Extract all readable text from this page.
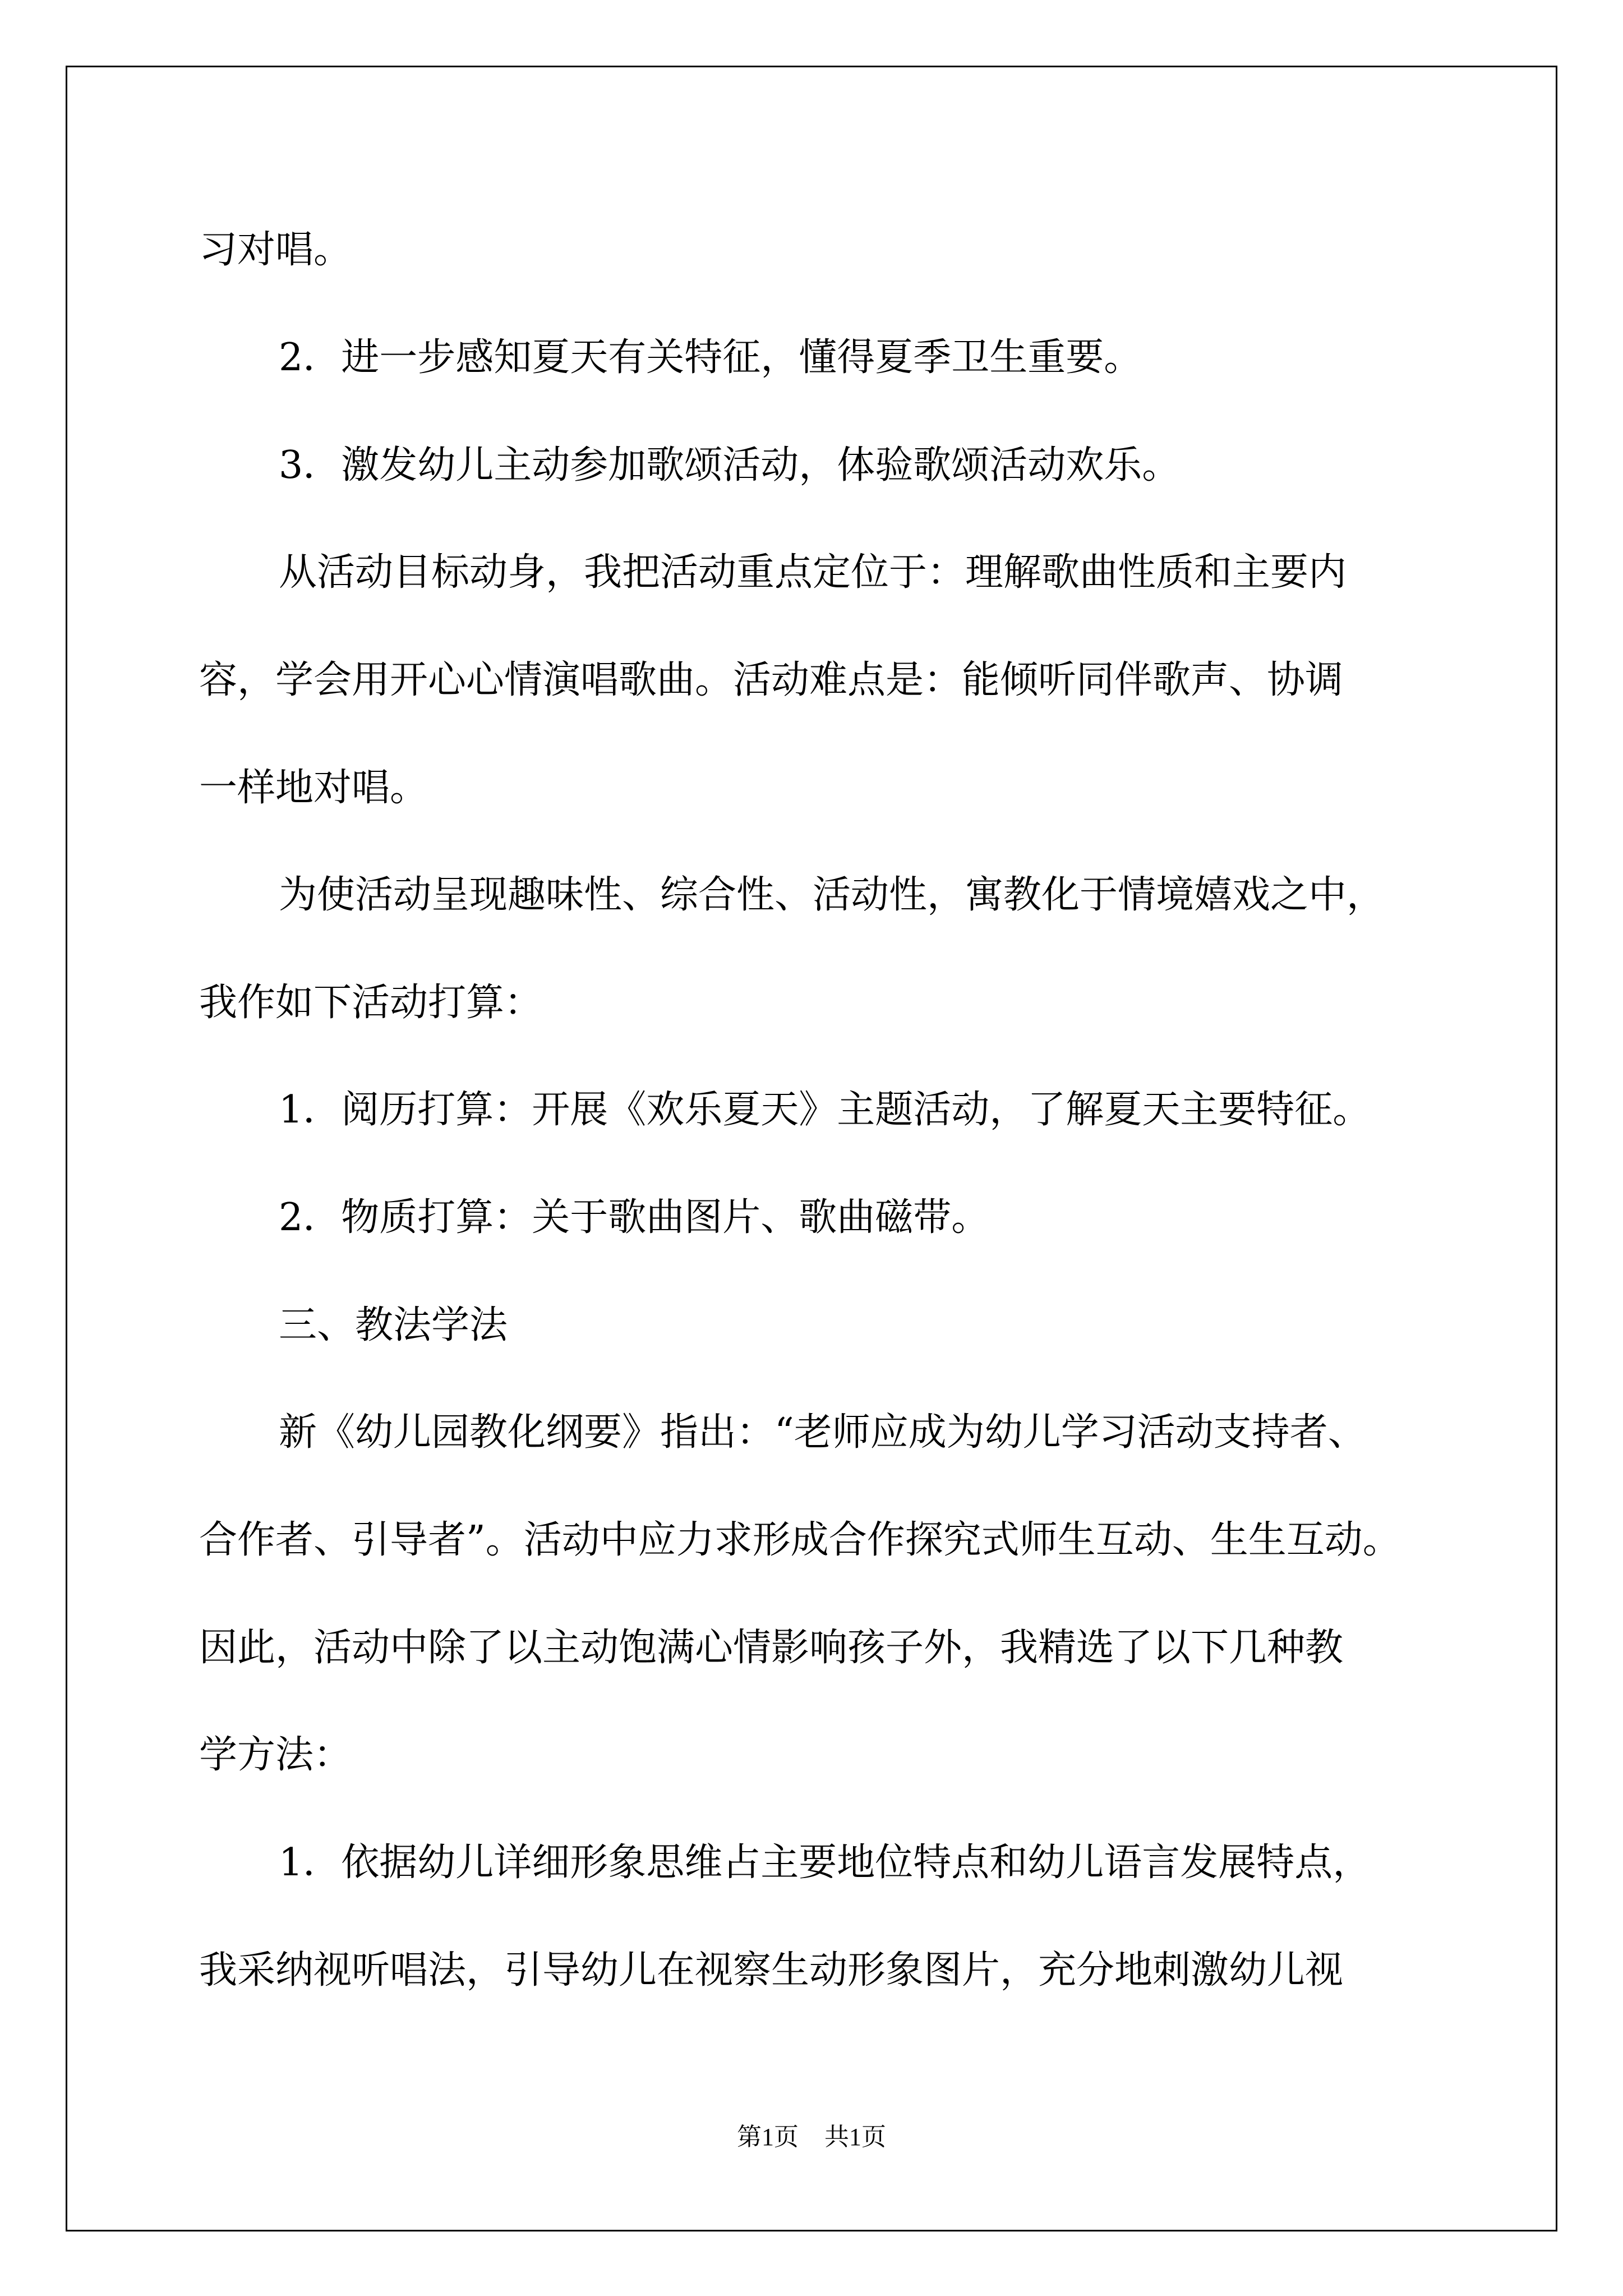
习对唱。
2．进一步感知夏天有关特征，懂得夏季卫生重要。
3．激发幼儿主动参加歌颂活动，体验歌颂活动欢乐。
从活动目标动身，我把活动重点定位于：理解歌曲性质和主要内
容，学会用开心心情演唱歌曲。活动难点是：能倾听同伴歌声、协调
一样地对唱。
为使活动呈现趣味性、综合性、活动性，寓教化于情境嬉戏之中，
我作如下活动打算：
1．阅历打算：开展《欢乐夏天》主题活动，了解夏天主要特征。
2．物质打算：关于歌曲图片、歌曲磁带。
三、教法学法
新《幼儿园教化纲要》指出：“老师应成为幼儿学习活动支持者、
合作者、引导者”。活动中应力求形成合作探究式师生互动、生生互动。
因此，活动中除了以主动饱满心情影响孩子外，我精选了以下几种教
学方法：
1．依据幼儿详细形象思维占主要地位特点和幼儿语言发展特点，
我采纳视听唱法，引导幼儿在视察生动形象图片，充分地刺激幼儿视
第1页 共1页
